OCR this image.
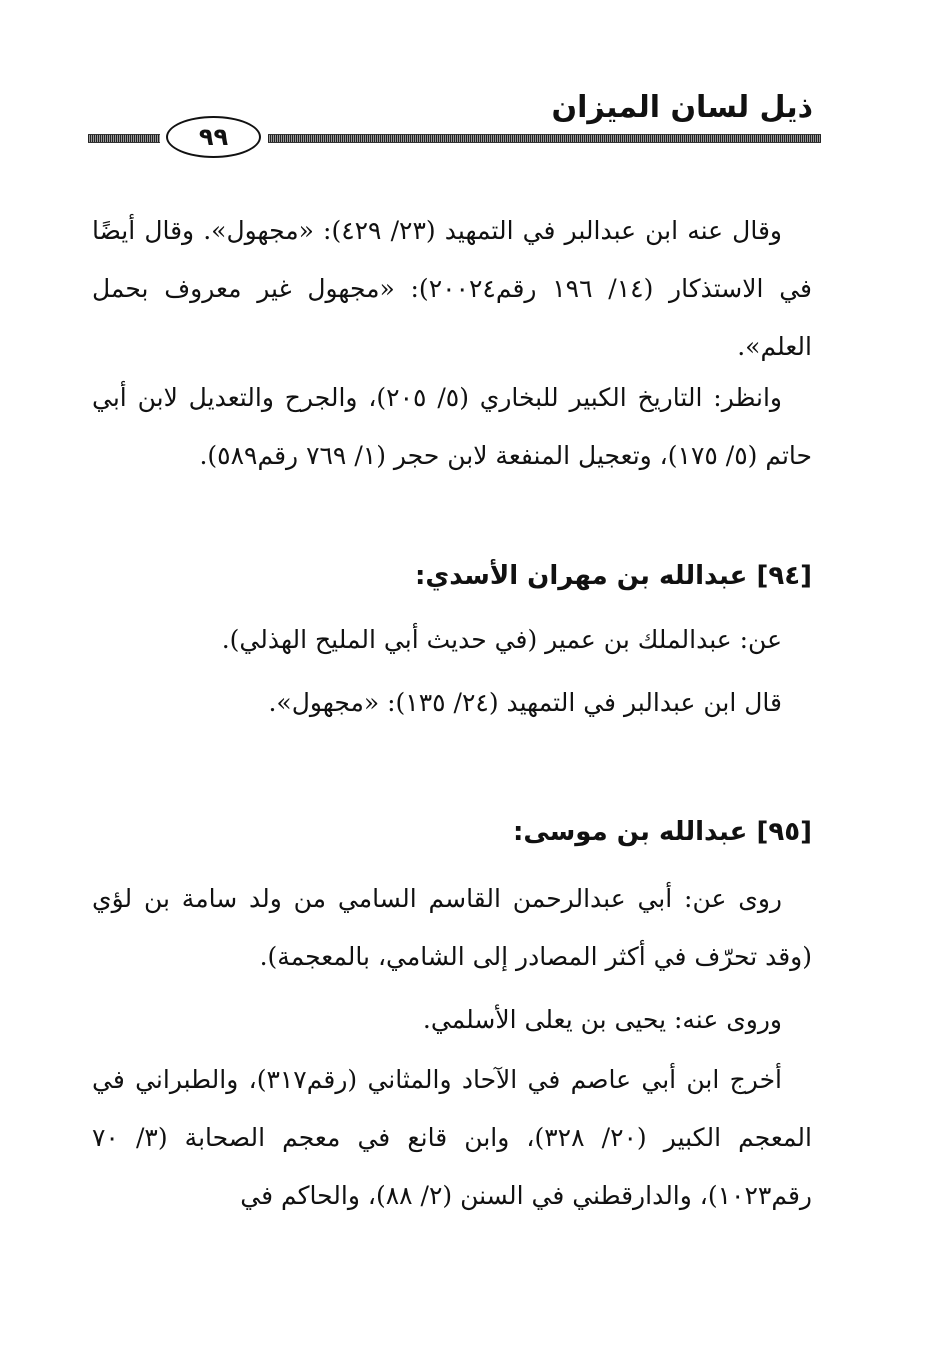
ذيل لسان الميزان
٩٩
وقال عنه ابن عبدالبر في التمهيد (٢٣/ ٤٢٩): «مجهول». وقال أيضًا في الاستذكار (١٤/ ١٩٦ رقم٢٠٠٢٤): «مجهول غير معروف بحمل العلم».
وانظر: التاريخ الكبير للبخاري (٥/ ٢٠٥)، والجرح والتعديل لابن أبي حاتم (٥/ ١٧٥)، وتعجيل المنفعة لابن حجر (١/ ٧٦٩ رقم٥٨٩).
[٩٤] عبدالله بن مهران الأسدي:
عن: عبدالملك بن عمير (في حديث أبي المليح الهذلي).
قال ابن عبدالبر في التمهيد (٢٤/ ١٣٥): «مجهول».
[٩٥] عبدالله بن موسى:
روى عن: أبي عبدالرحمن القاسم السامي من ولد سامة بن لؤي (وقد تحرّف في أكثر المصادر إلى الشامي، بالمعجمة).
وروى عنه: يحيى بن يعلى الأسلمي.
أخرج ابن أبي عاصم في الآحاد والمثاني (رقم٣١٧)، والطبراني في المعجم الكبير (٢٠/ ٣٢٨)، وابن قانع في معجم الصحابة (٣/ ٧٠ رقم١٠٢٣)، والدارقطني في السنن (٢/ ٨٨)، والحاكم في
